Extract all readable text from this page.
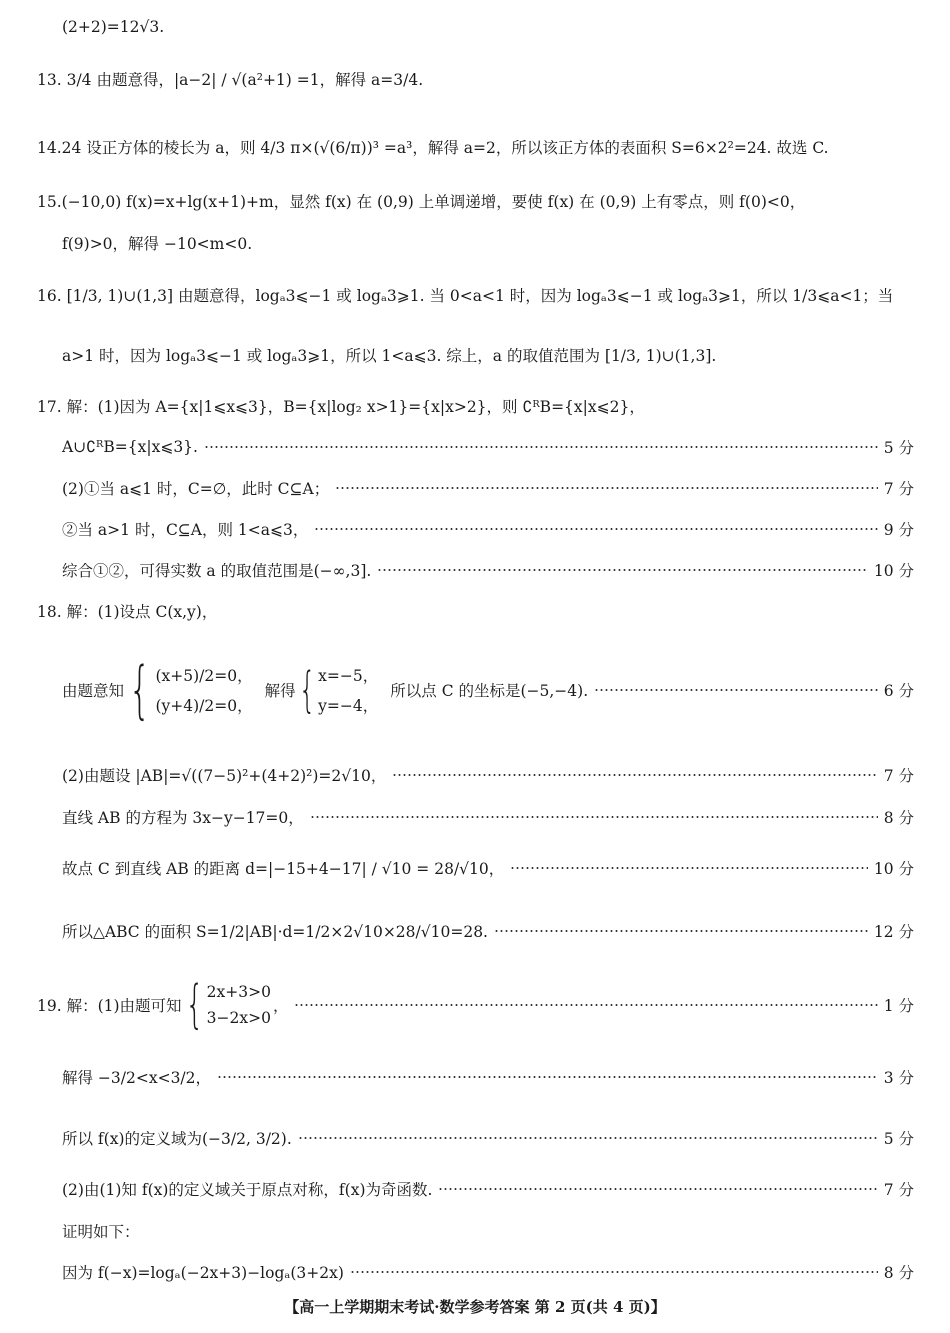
(2+2)=12√3.
13. 3/4 由题意得，|a−2| / √(a²+1) =1，解得 a=3/4.
14.24 设正方体的棱长为 a，则 4/3 π×(√(6/π))³ =a³，解得 a=2，所以该正方体的表面积 S=6×2²=24. 故选 C.
15.(−10,0) f(x)=x+lg(x+1)+m，显然 f(x) 在 (0,9) 上单调递增，要使 f(x) 在 (0,9) 上有零点，则 f(0)<0，
f(9)>0，解得 −10<m<0.
16. [1/3, 1)∪(1,3] 由题意得，logₐ3⩽−1 或 logₐ3⩾1. 当 0<a<1 时，因为 logₐ3⩽−1 或 logₐ3⩾1，所以 1/3⩽a<1；当
a>1 时，因为 logₐ3⩽−1 或 logₐ3⩾1，所以 1<a⩽3. 综上，a 的取值范围为 [1/3, 1)∪(1,3].
17. 解：(1)因为 A={x|1⩽x⩽3}，B={x|log₂ x>1}={x|x>2}，则 ∁ᴿB={x|x⩽2}，
A∪∁ᴿB={x|x⩽3}.	5 分
(2)①当 a⩽1 时，C=∅，此时 C⊆A；	7 分
②当 a>1 时，C⊆A，则 1<a⩽3，	9 分
综合①②，可得实数 a 的取值范围是(−∞,3].	10 分
18. 解：(1)设点 C(x,y)，
由题意知 { (x+5)/2=0，
(y+4)/2=0，
解得 { x=−5，
y=−4，
所以点 C 的坐标是(−5,−4).	6 分
(2)由题设 |AB|=√((7−5)²+(4+2)²)=2√10，	7 分
直线 AB 的方程为 3x−y−17=0，	8 分
故点 C 到直线 AB 的距离 d=|−15+4−17| / √10 = 28/√10，	10 分
所以△ABC 的面积 S=1/2|AB|·d=1/2×2√10×28/√10=28.	12 分
19. 解：(1)由题可知 { 2x+3>0
3−2x>0
，	1 分
解得 −3/2<x<3/2，	3 分
所以 f(x)的定义域为(−3/2, 3/2).	5 分
(2)由(1)知 f(x)的定义域关于原点对称，f(x)为奇函数.	7 分
证明如下：
因为 f(−x)=logₐ(−2x+3)−logₐ(3+2x)	8 分
【高一上学期期末考试·数学参考答案 第 2 页(共 4 页)】
